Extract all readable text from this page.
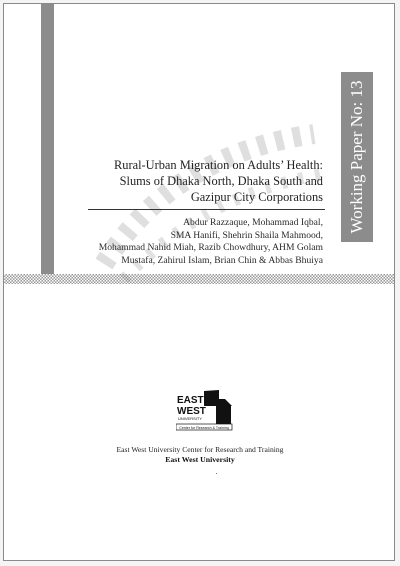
Working Paper No: 13
Rural-Urban Migration on Adults’ Health:
Slums of Dhaka North, Dhaka South and
Gazipur City Corporations
Abdur Razzaque, Mohammad Iqbal,
SMA Hanifi, Shehrin Shaila Mahmood,
Mohammad Nahid Miah, Razib Chowdhury, AHM Golam
Mustafa, Zahirul Islam, Brian Chin & Abbas Bhuiya
EAST
WEST
UNIVERSITY
Center for Research & Training
East West University Center for Research and Training
East West University
